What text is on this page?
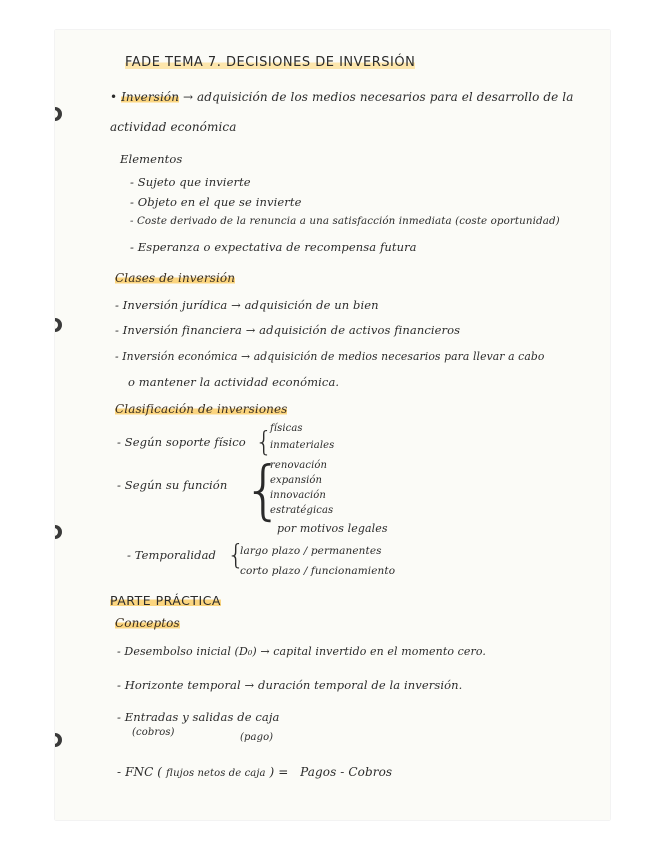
FADE TEMA 7. DECISIONES DE INVERSIÓN
• Inversión → adquisición de los medios necesarios para el desarrollo de la
actividad económica
Elementos
- Sujeto que invierte
- Objeto en el que se invierte
- Coste derivado de la renuncia a una satisfacción inmediata (coste oportunidad)
- Esperanza o expectativa de recompensa futura
Clases de inversión
- Inversión jurídica → adquisición de un bien
- Inversión financiera → adquisición de activos financieros
- Inversión económica → adquisición de medios necesarios para llevar a cabo
o mantener la actividad económica.
Clasificación de inversiones
- Según soporte físico {
físicas
inmateriales
- Según su función {
renovación
expansión
innovación
estratégicas
por motivos legales
- Temporalidad {
largo plazo / permanentes
corto plazo / funcionamiento
PARTE PRÁCTICA
Conceptos
- Desembolso inicial (D₀) → capital invertido en el momento cero.
- Horizonte temporal → duración temporal de la inversión.
- Entradas y salidas de caja
(cobros)	(pago)
- FNC ( flujos netos de caja ) = Pagos - Cobros
